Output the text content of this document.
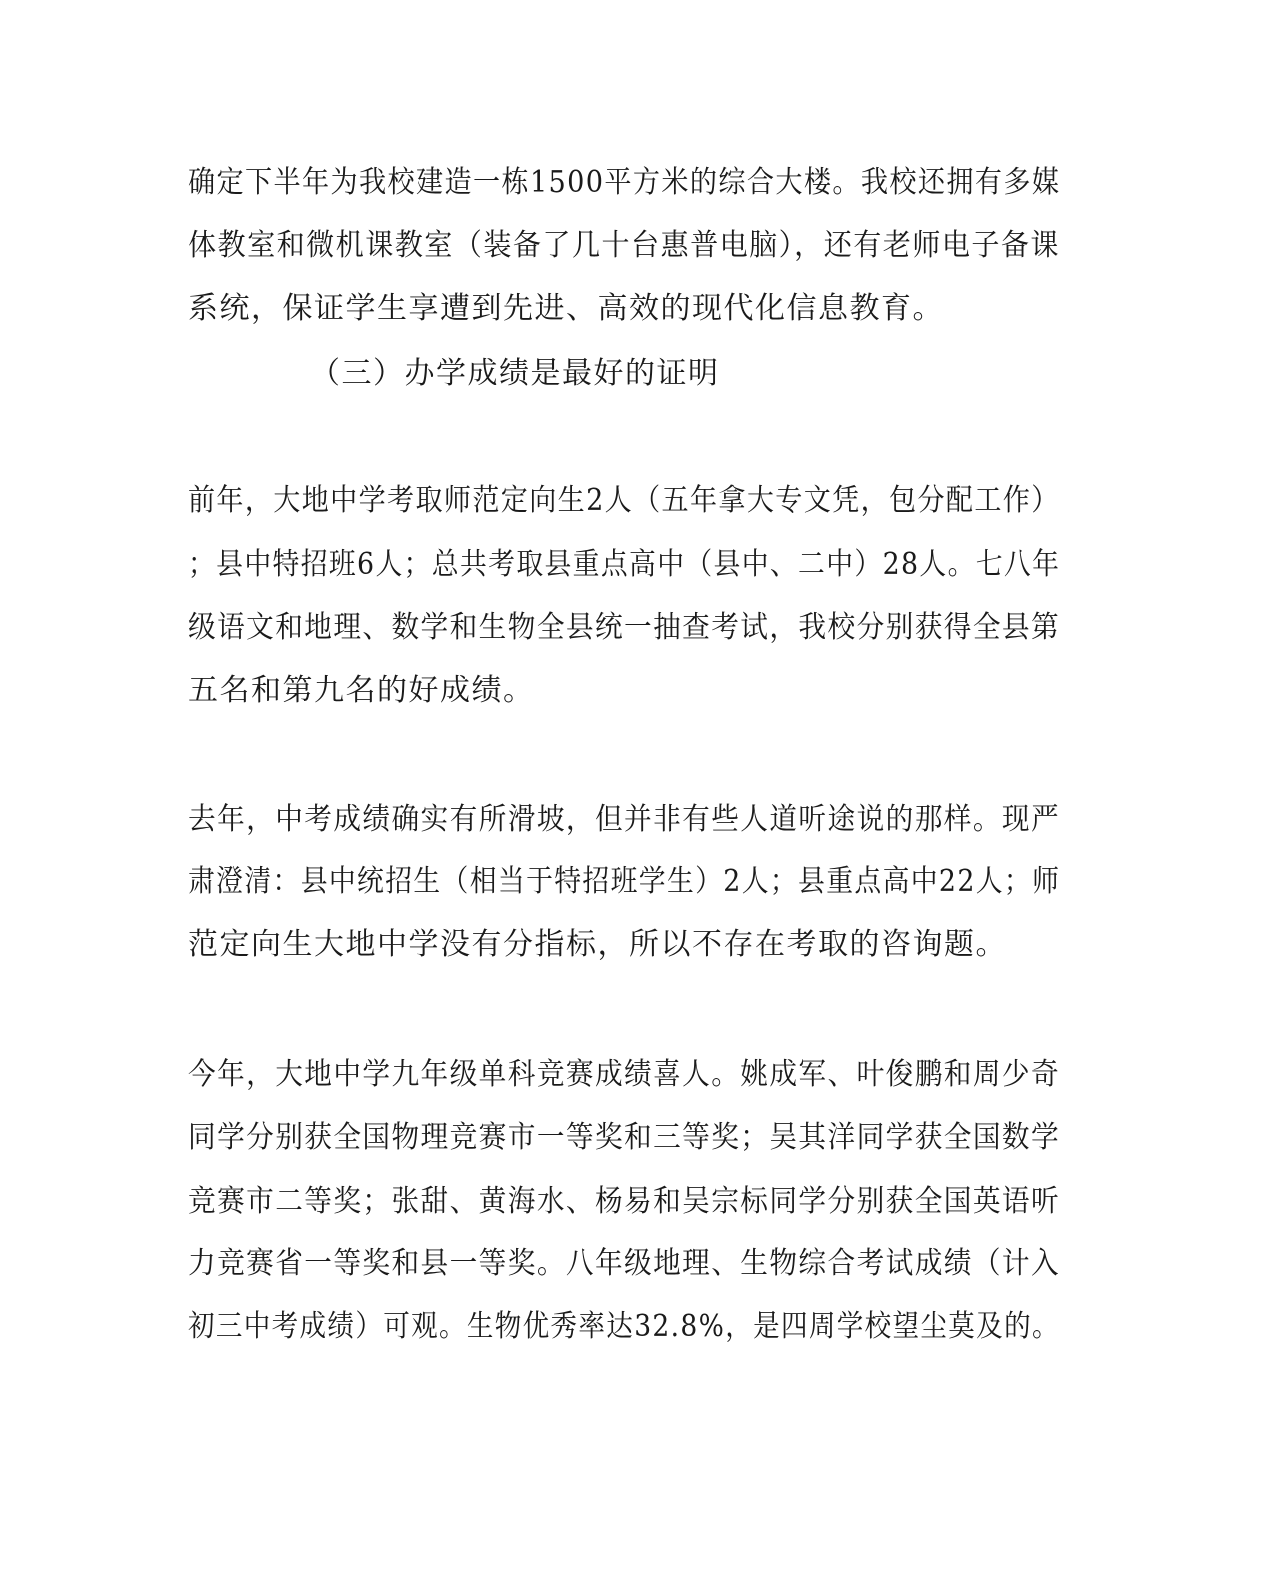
确定下半年为我校建造一栋1500平方米的综合大楼。我校还拥有多媒
体教室和微机课教室（装备了几十台惠普电脑），还有老师电子备课
系统，保证学生享遭到先进、高效的现代化信息教育。
（三）办学成绩是最好的证明
前年，大地中学考取师范定向生2人（五年拿大专文凭，包分配工作）
；县中特招班6人；总共考取县重点高中（县中、二中）28人。七八年
级语文和地理、数学和生物全县统一抽查考试，我校分别获得全县第
五名和第九名的好成绩。
去年，中考成绩确实有所滑坡，但并非有些人道听途说的那样。现严
肃澄清：县中统招生（相当于特招班学生）2人；县重点高中22人；师
范定向生大地中学没有分指标，所以不存在考取的咨询题。
今年，大地中学九年级单科竞赛成绩喜人。姚成军、叶俊鹏和周少奇
同学分别获全国物理竞赛市一等奖和三等奖；吴其洋同学获全国数学
竞赛市二等奖；张甜、黄海水、杨易和吴宗标同学分别获全国英语听
力竞赛省一等奖和县一等奖。八年级地理、生物综合考试成绩（计入
初三中考成绩）可观。生物优秀率达32.8%，是四周学校望尘莫及的。
